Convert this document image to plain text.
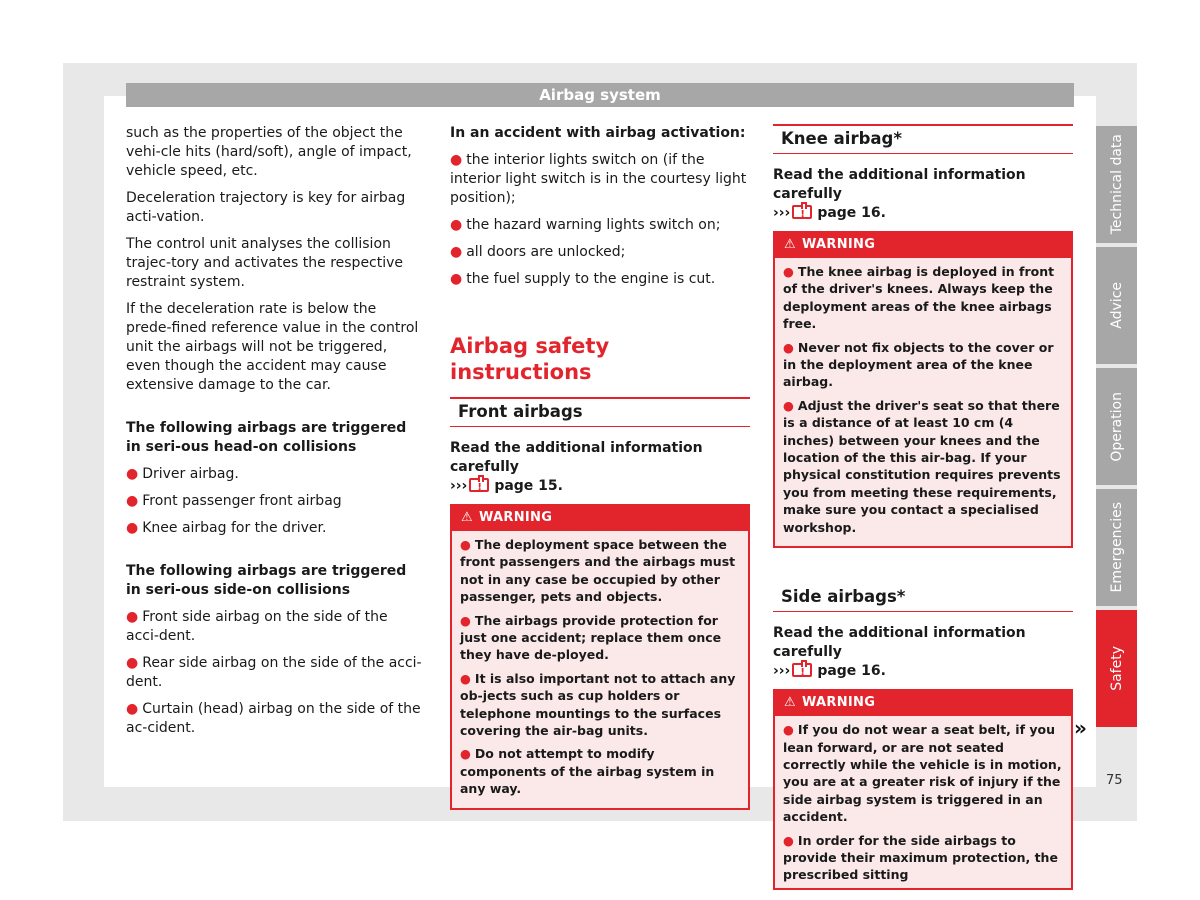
Airbag system

such as the properties of the object the vehi-cle hits (hard/soft), angle of impact, vehicle speed, etc.

Deceleration trajectory is key for airbag acti-vation.

The control unit analyses the collision trajec-tory and activates the respective restraint system.

If the deceleration rate is below the prede-fined reference value in the control unit the airbags will not be triggered, even though the accident may cause extensive damage to the car.

The following airbags are triggered in seri-ous head-on collisions

● Driver airbag.

● Front passenger front airbag

● Knee airbag for the driver.

The following airbags are triggered in seri-ous side-on collisions

● Front side airbag on the side of the acci-dent.

● Rear side airbag on the side of the acci-dent.

● Curtain (head) airbag on the side of the ac-cident.

In an accident with airbag activation:

● the interior lights switch on (if the interior light switch is in the courtesy light position);

● the hazard warning lights switch on;

● all doors are unlocked;

● the fuel supply to the engine is cut.

Airbag safety instructions
Front airbags

Read the additional information carefully
››› ! page 15.

⚠ WARNING

● The deployment space between the front passengers and the airbags must not in any case be occupied by other passenger, pets and objects.

● The airbags provide protection for just one accident; replace them once they have de-ployed.

● It is also important not to attach any ob-jects such as cup holders or telephone mountings to the surfaces covering the air-bag units.

● Do not attempt to modify components of the airbag system in any way.

Knee airbag*

Read the additional information carefully
››› ! page 16.

⚠ WARNING

● The knee airbag is deployed in front of the driver's knees. Always keep the deployment areas of the knee airbags free.

● Never not fix objects to the cover or in the deployment area of the knee airbag.

● Adjust the driver's seat so that there is a distance of at least 10 cm (4 inches) between your knees and the location of the this air-bag. If your physical constitution requires prevents you from meeting these requirements, make sure you contact a specialised workshop.

Side airbags*

Read the additional information carefully
››› ! page 16.

⚠ WARNING

● If you do not wear a seat belt, if you lean forward, or are not seated correctly while the vehicle is in motion, you are at a greater risk of injury if the side airbag system is triggered in an accident.

● In order for the side airbags to provide their maximum protection, the prescribed sitting

Technical data
Advice
Operation
Emergencies
Safety
»
75
